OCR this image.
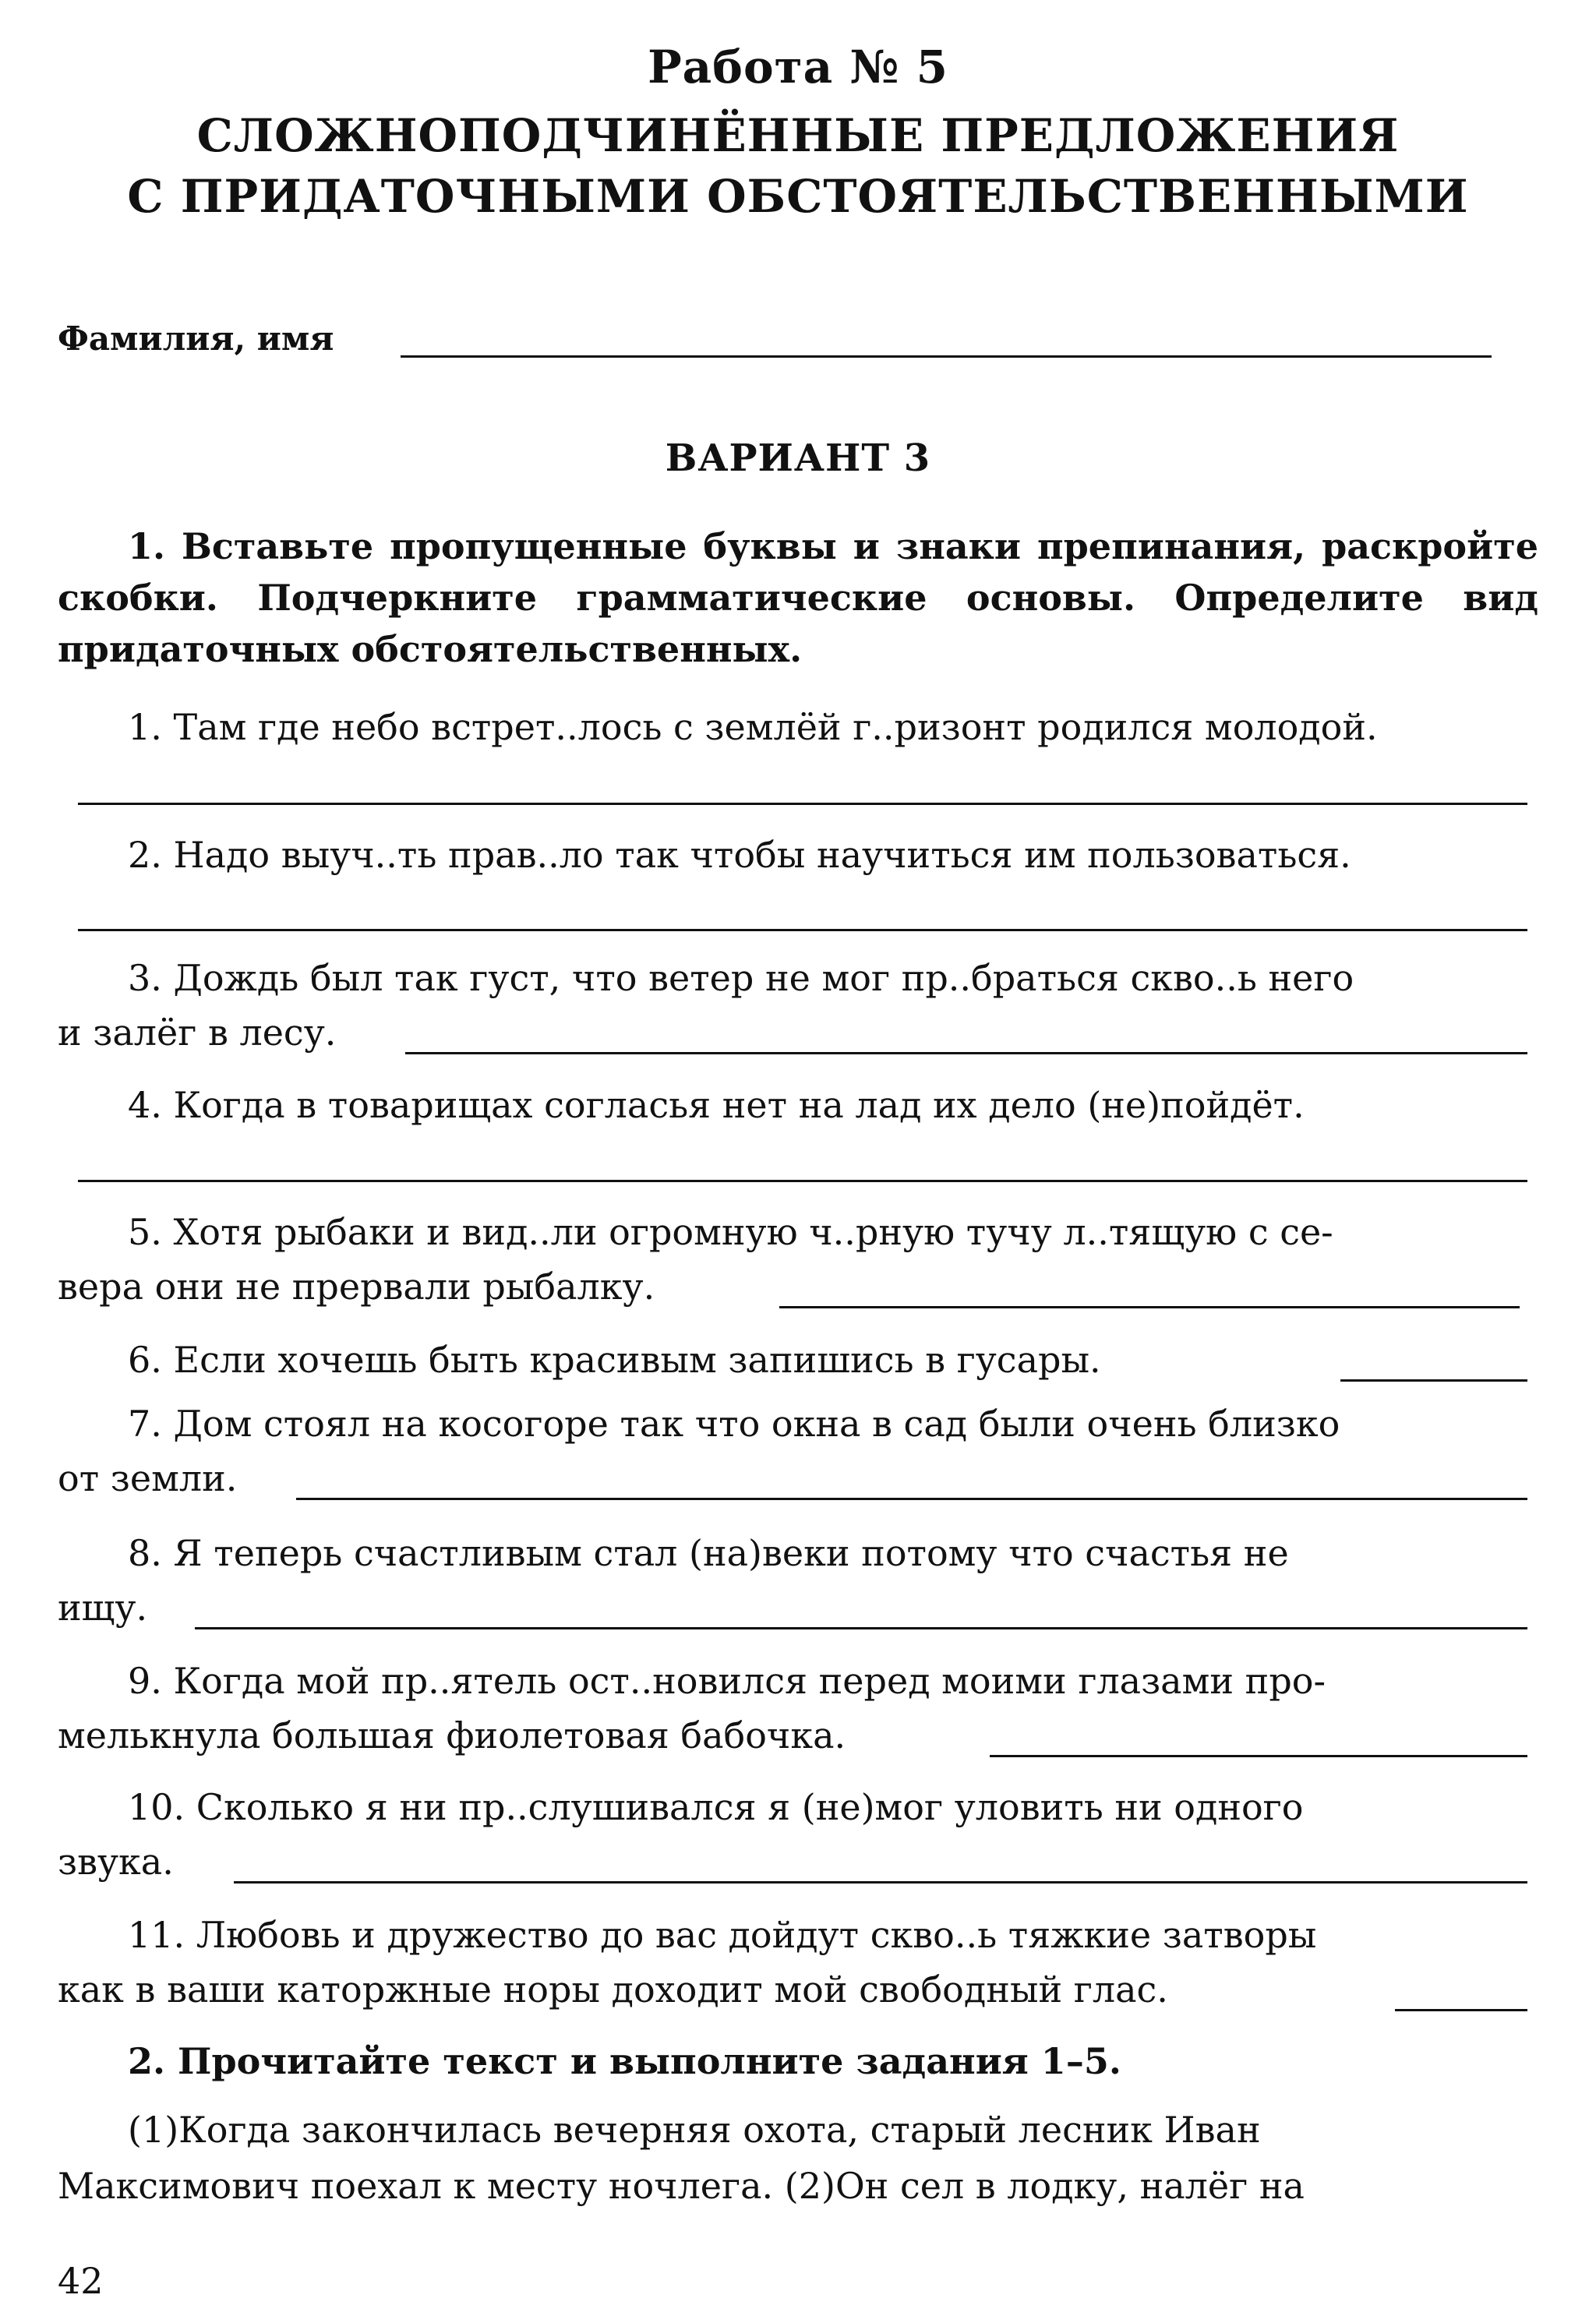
Работа № 5
СЛОЖНОПОДЧИНЁННЫЕ ПРЕДЛОЖЕНИЯ
С ПРИДАТОЧНЫМИ ОБСТОЯТЕЛЬСТВЕННЫМИ
Фамилия, имя
ВАРИАНТ 3
1. Вставьте пропущенные буквы и знаки препинания, раскройте скобки. Подчеркните грамматические основы. Определите вид придаточных обстоятельственных.
1. Там где небо встрет..лось с землёй г..ризонт родился молодой.
2. Надо выуч..ть прав..ло так чтобы научиться им пользоваться.
3. Дождь был так густ, что ветер не мог пр..браться скво..ь него
и залёг в лесу.
4. Когда в товарищах согласья нет на лад их дело (не)пойдёт.
5. Хотя рыбаки и вид..ли огромную ч..рную тучу л..тящую с се-
вера они не прервали рыбалку.
6. Если хочешь быть красивым запишись в гусары.
7. Дом стоял на косогоре так что окна в сад были очень близко
от земли.
8. Я теперь счастливым стал (на)веки потому что счастья не
ищу.
9. Когда мой пр..ятель ост..новился перед моими глазами про-
мелькнула большая фиолетовая бабочка.
10. Сколько я ни пр..слушивался я (не)мог уловить ни одного
звука.
11. Любовь и дружество до вас дойдут скво..ь тяжкие затворы
как в ваши каторжные норы доходит мой свободный глас.
2. Прочитайте текст и выполните задания 1–5.
(1)Когда закончилась вечерняя охота, старый лесник Иван
Максимович поехал к месту ночлега. (2)Он сел в лодку, налёг на
42
